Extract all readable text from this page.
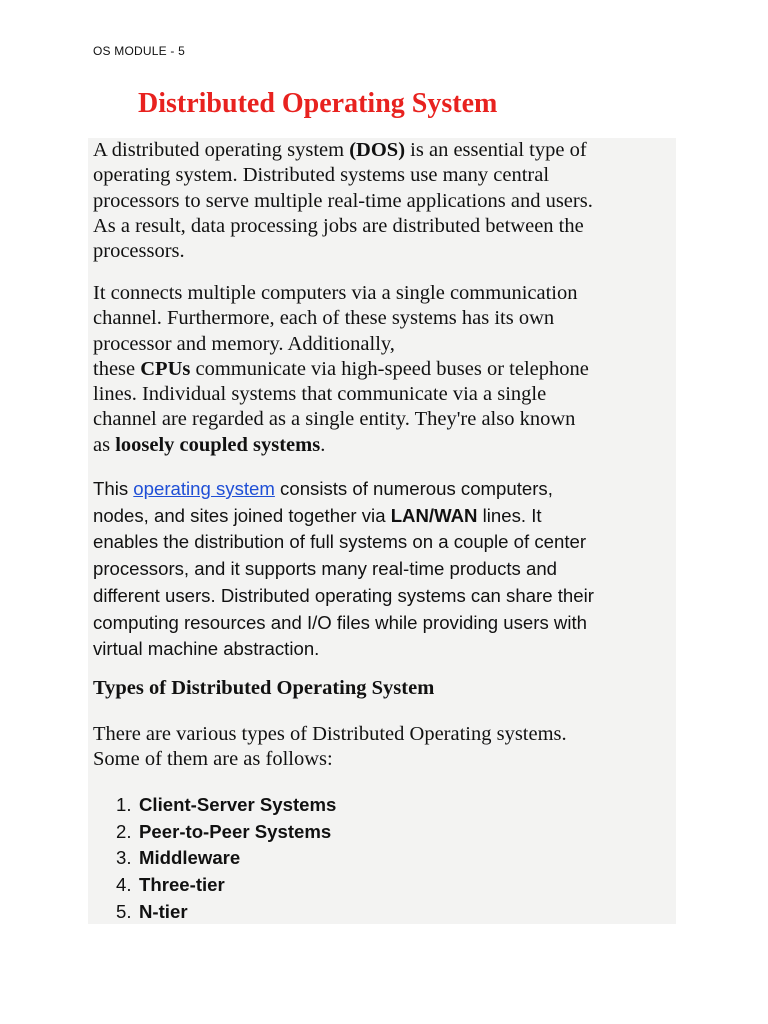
OS MODULE - 5
Distributed Operating System

A distributed operating system (DOS) is an essential type of
operating system. Distributed systems use many central
processors to serve multiple real-time applications and users.
As a result, data processing jobs are distributed between the
processors.

It connects multiple computers via a single communication
channel. Furthermore, each of these systems has its own
processor and memory. Additionally,
these CPUs communicate via high-speed buses or telephone
lines. Individual systems that communicate via a single
channel are regarded as a single entity. They're also known
as loosely coupled systems.

This operating system consists of numerous computers,
nodes, and sites joined together via LAN/WAN lines. It
enables the distribution of full systems on a couple of center
processors, and it supports many real-time products and
different users. Distributed operating systems can share their
computing resources and I/O files while providing users with
virtual machine abstraction.

Types of Distributed Operating System

There are various types of Distributed Operating systems.
Some of them are as follows:

1. Client-Server Systems
2. Peer-to-Peer Systems
3. Middleware
4. Three-tier
5. N-tier
